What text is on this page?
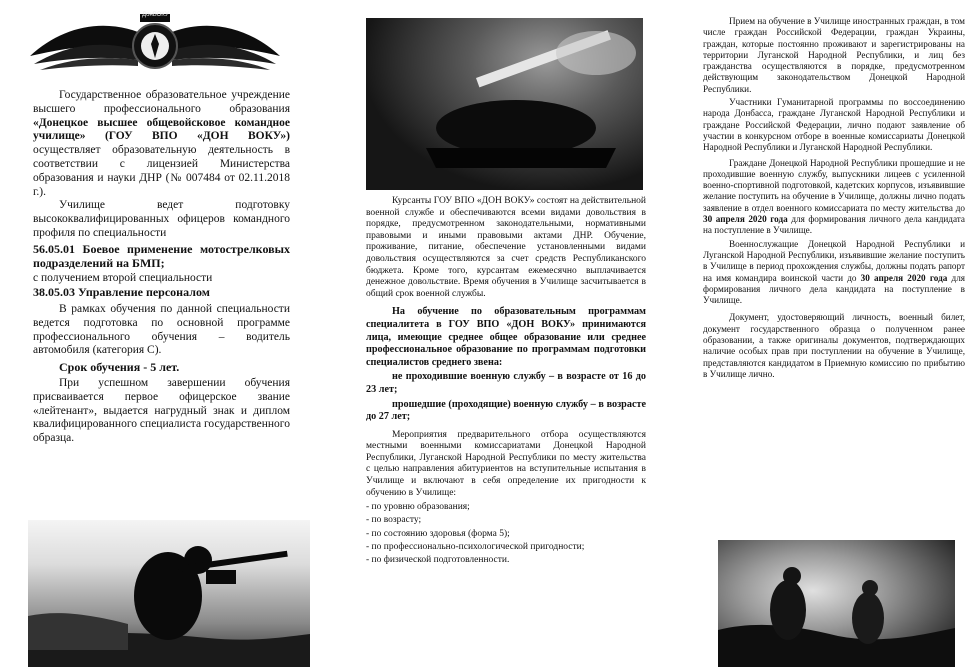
ДонВОКУ

Государственное образовательное учреждение высшего профессионального образования «Донецкое высшее общевойсковое командное училище» (ГОУ ВПО «ДОН ВОКУ») осуществляет образовательную деятельность в соответствии с лицензией Министерства образования и науки ДНР (№ 007484 от 02.11.2018 г.).

Училище ведет подготовку высококвалифицированных офицеров командного профиля по специальности

56.05.01 Боевое применение мотострелковых подразделений на БМП;

с получением второй специальности

38.05.03 Управление персоналом

В рамках обучения по данной специальности ведется подготовка по основной программе профессионального обучения – водитель автомобиля (категория С).

Срок обучения - 5 лет.

При успешном завершении обучения присваивается первое офицерское звание «лейтенант», выдается нагрудный знак и диплом квалифицированного специалиста государственного образца.

Курсанты ГОУ ВПО «ДОН ВОКУ» состоят на действительной военной службе и обеспечиваются всеми видами довольствия в порядке, предусмотренном законодательными, нормативными правовыми и иными правовыми актами ДНР. Обучение, проживание, питание, обеспечение установленными видами довольствия осуществляются за счет средств Республиканского бюджета. Кроме того, курсантам ежемесячно выплачивается денежное довольствие. Время обучения в Училище засчитывается в общий срок военной службы.

На обучение по образовательным программам специалитета в ГОУ ВПО «ДОН ВОКУ» принимаются лица, имеющие среднее общее образование или среднее профессиональное образование по программам подготовки специалистов среднего звена:

не проходившие военную службу – в возрасте от 16 до 23 лет;

прошедшие (проходящие) военную службу – в возрасте до 27 лет;

Мероприятия предварительного отбора осуществляются местными военными комиссариатами Донецкой Народной Республики, Луганской Народной Республики по месту жительства с целью направления абитуриентов на вступительные испытания в Училище и включают в себя определение их пригодности к обучению в Училище:

- по уровню образования;
- по возрасту;
- по состоянию здоровья (форма 5);
- по профессионально-психологической пригодности;
- по физической подготовленности.

Прием на обучение в Училище иностранных граждан, в том числе граждан Российской Федерации, граждан Украины, граждан, которые постоянно проживают и зарегистрированы на территории Луганской Народной Республики, и лиц без гражданства осуществляются в порядке, предусмотренном действующим законодательством Донецкой Народной Республики.

Участники Гуманитарной программы по воссоединению народа Донбасса, граждане Луганской Народной Республики и граждане Российской Федерации, лично подают заявление об участии в конкурсном отборе в военные комиссариаты Донецкой Народной Республики и Луганской Народной Республики.

Граждане Донецкой Народной Республики прошедшие и не проходившие военную службу, выпускники лицеев с усиленной военно-спортивной подготовкой, кадетских корпусов, изъявившие желание поступить на обучение в Училище, должны лично подать заявление в отдел военного комиссариата по месту жительства до 30 апреля 2020 года для формирования личного дела кандидата на поступление в Училище.

Военнослужащие Донецкой Народной Республики и Луганской Народной Республики, изъявившие желание поступить в Училище в период прохождения службы, должны подать рапорт на имя командира воинской части до 30 апреля 2020 года для формирования личного дела кандидата на поступление в Училище.

Документ, удостоверяющий личность, военный билет, документ государственного образца о полученном ранее образовании, а также оригиналы документов, подтверждающих наличие особых прав при поступлении на обучение в Училище, представляются кандидатом в Приемную комиссию по прибытию в Училище лично.
